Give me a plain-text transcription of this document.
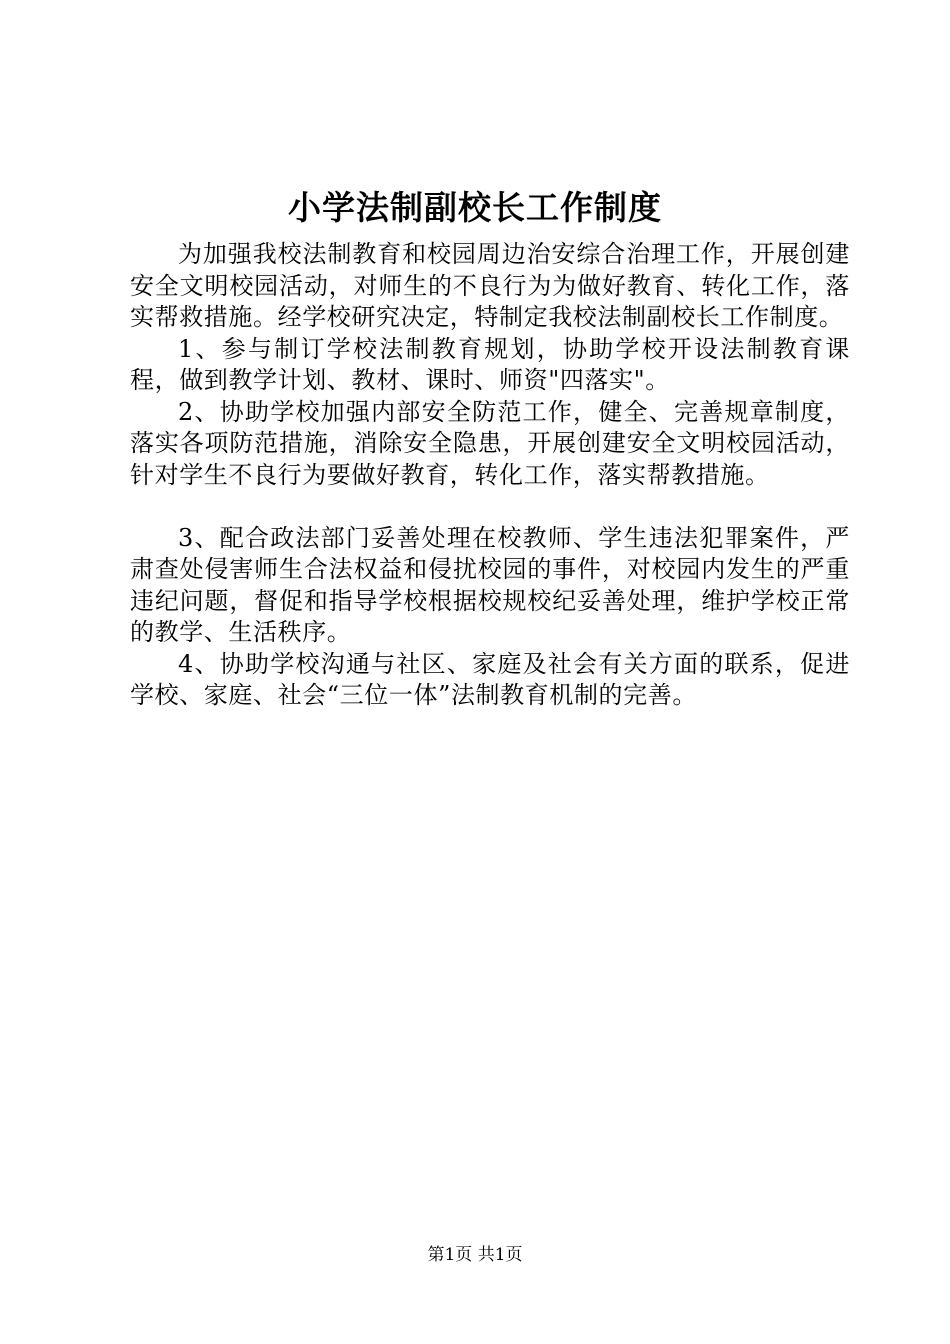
小学法制副校长工作制度

为加强我校法制教育和校园周边治安综合治理工作，开展创建安全文明校园活动，对师生的不良行为为做好教育、转化工作，落实帮救措施。经学校研究决定，特制定我校法制副校长工作制度。

1、参与制订学校法制教育规划，协助学校开设法制教育课程，做到教学计划、教材、课时、师资"四落实"。

2、协助学校加强内部安全防范工作，健全、完善规章制度，落实各项防范措施，消除安全隐患，开展创建安全文明校园活动，针对学生不良行为要做好教育，转化工作，落实帮教措施。

3、配合政法部门妥善处理在校教师、学生违法犯罪案件，严肃查处侵害师生合法权益和侵扰校园的事件，对校园内发生的严重违纪问题，督促和指导学校根据校规校纪妥善处理，维护学校正常的教学、生活秩序。

4、协助学校沟通与社区、家庭及社会有关方面的联系，促进学校、家庭、社会“三位一体”法制教育机制的完善。

第1页 共1页
